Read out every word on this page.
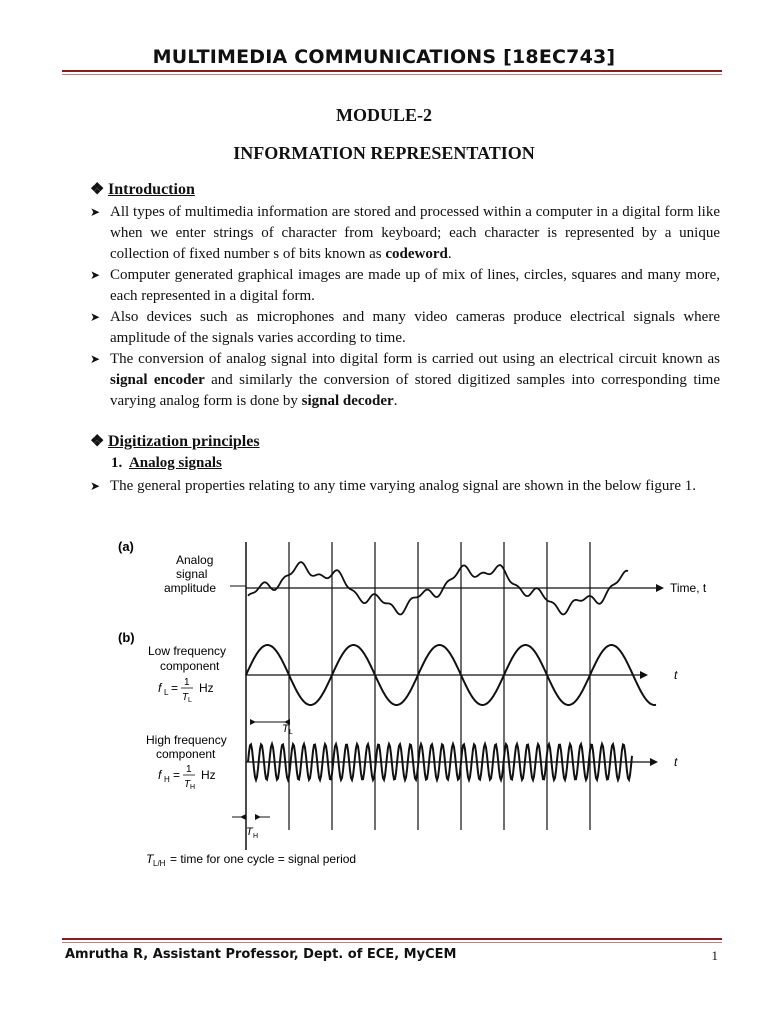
MULTIMEDIA COMMUNICATIONS [18EC743]
MODULE-2
INFORMATION REPRESENTATION
❖ Introduction
➤ All types of multimedia information are stored and processed within a computer in a digital form like when we enter strings of character from keyboard; each character is represented by a unique collection of fixed number s of bits known as codeword.
➤ Computer generated graphical images are made up of mix of lines, circles, squares and many more, each represented in a digital form.
➤ Also devices such as microphones and many video cameras produce electrical signals where amplitude of the signals varies according to time.
➤ The conversion of analog signal into digital form is carried out using an electrical circuit known as signal encoder and similarly the conversion of stored digitized samples into corresponding time varying analog form is done by signal decoder.
❖ Digitization principles
1. Analog signals
➤ The general properties relating to any time varying analog signal are shown in the below figure 1.
(a)
Analog
signal
amplitude	Time, t
(b)
Low frequency
component
f L = 1
T L
Hz
t
T L
High frequency
component
f H = 1
T H
Hz
t
T H
T L/H = time for one cycle = signal period
Amrutha R, Assistant Professor, Dept. of ECE, MyCEM	1
